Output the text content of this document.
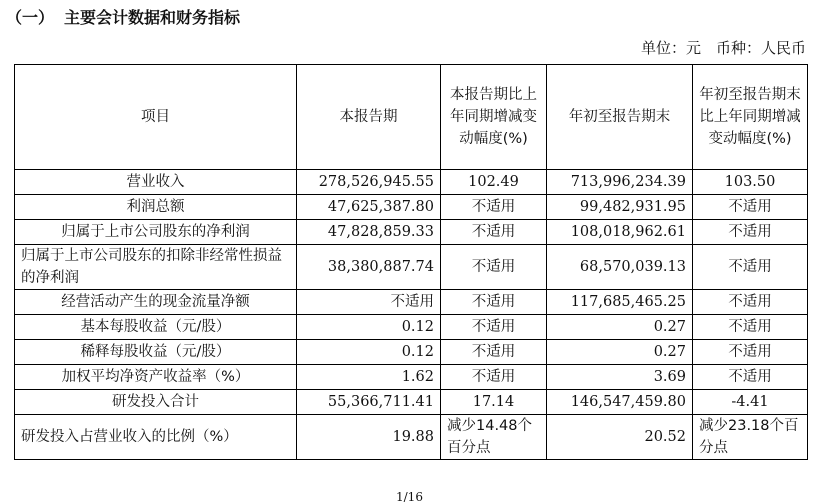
（一） 主要会计数据和财务指标
单位：元　币种：人民币
项目	本报告期	本报告期比上年同期增减变动幅度(%)	年初至报告期末	年初至报告期末比上年同期增减变动幅度(%)
营业收入	278,526,945.55	102.49	713,996,234.39	103.50
利润总额	47,625,387.80	不适用	99,482,931.95	不适用
归属于上市公司股东的净利润	47,828,859.33	不适用	108,018,962.61	不适用
归属于上市公司股东的扣除非经常性损益的净利润	38,380,887.74	不适用	68,570,039.13	不适用
经营活动产生的现金流量净额	不适用	不适用	117,685,465.25	不适用
基本每股收益（元/股）	0.12	不适用	0.27	不适用
稀释每股收益（元/股）	0.12	不适用	0.27	不适用
加权平均净资产收益率（%）	1.62	不适用	3.69	不适用
研发投入合计	55,366,711.41	17.14	146,547,459.80	-4.41
研发投入占营业收入的比例（%）	19.88	减少14.48个百分点	20.52	减少23.18个百分点
1/16
